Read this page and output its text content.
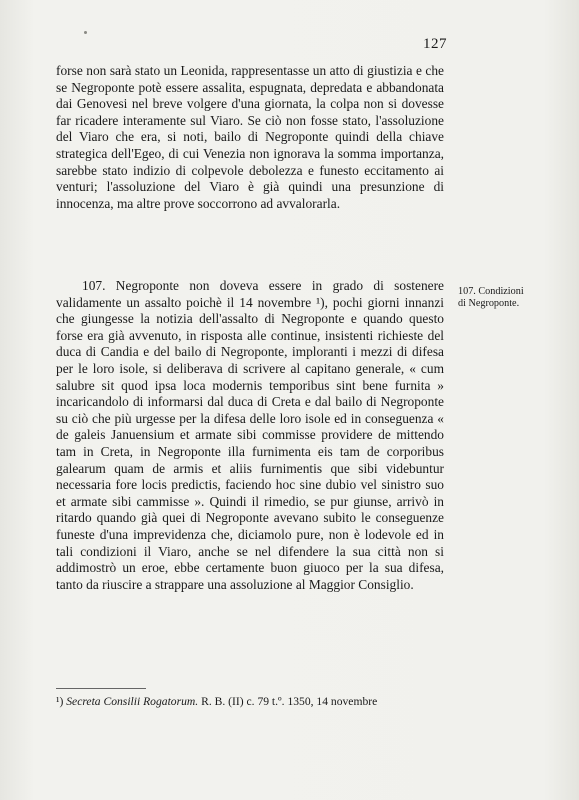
127

forse non sarà stato un Leonida, rappresentasse un atto di giustizia e che se Negroponte potè essere assalita, espugnata, depredata e abbandonata dai Genovesi nel breve volgere d'una giornata, la colpa non si dovesse far ricadere interamente sul Viaro. Se ciò non fosse stato, l'assoluzione del Viaro che era, si noti, bailo di Negroponte quindi della chiave strategica dell'Egeo, di cui Venezia non ignorava la somma importanza, sarebbe stato indizio di colpevole debolezza e funesto eccitamento ai venturi; l'assoluzione del Viaro è già quindi una presunzione di innocenza, ma altre prove soccorrono ad avvalorarla.

107. Negroponte non doveva essere in grado di sostenere validamente un assalto poichè il 14 novembre ¹), pochi giorni innanzi che giungesse la notizia dell'assalto di Negroponte e quando questo forse era già avvenuto, in risposta alle continue, insistenti richieste del duca di Candia e del bailo di Negroponte, imploranti i mezzi di difesa per le loro isole, si deliberava di scrivere al capitano generale, « cum salubre sit quod ipsa loca modernis temporibus sint bene furnita » incaricandolo di informarsi dal duca di Creta e dal bailo di Negroponte su ciò che più urgesse per la difesa delle loro isole ed in conseguenza « de galeis Januensium et armate sibi commisse providere de mittendo tam in Creta, in Negroponte illa furnimenta eis tam de corporibus galearum quam de armis et aliis furnimentis que sibi videbuntur necessaria fore locis predictis, faciendo hoc sine dubio vel sinistro suo et armate sibi cammisse ». Quindi il rimedio, se pur giunse, arrivò in ritardo quando già quei di Negroponte avevano subito le conseguenze funeste d'una imprevidenza che, diciamolo pure, non è lodevole ed in tali condizioni il Viaro, anche se nel difendere la sua città non si addimostrò un eroe, ebbe certamente buon giuoco per la sua difesa, tanto da riuscire a strappare una assoluzione al Maggior Consiglio.

107. Condizioni di Negroponte.
¹) Secreta Consilii Rogatorum. R. B. (II) c. 79 t.º. 1350, 14 novembre
